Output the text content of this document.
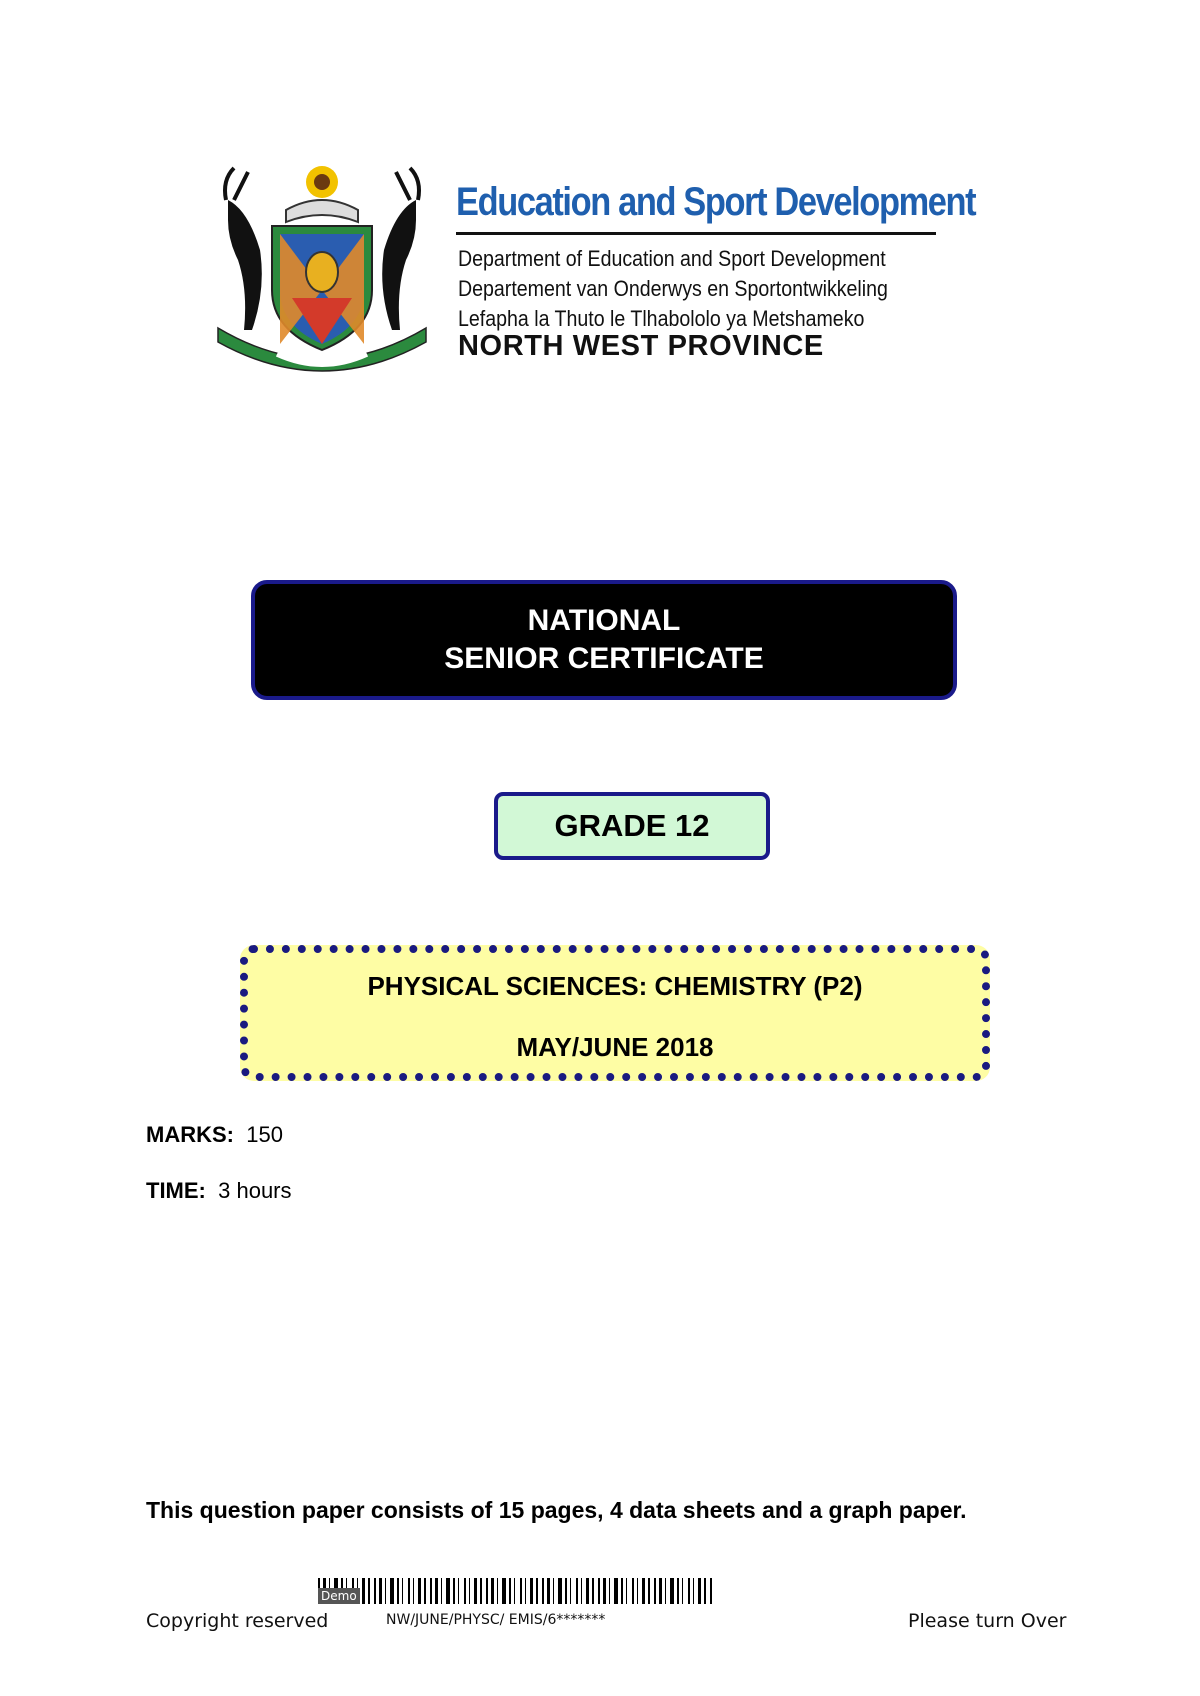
Education and Sport Development
Department of Education and Sport Development
Departement van Onderwys en Sportontwikkeling
Lefapha la Thuto le Tlhabololo ya Metshameko
NORTH WEST PROVINCE
NATIONAL
SENIOR CERTIFICATE
GRADE 12
PHYSICAL SCIENCES: CHEMISTRY (P2)
MAY/JUNE 2018
MARKS: 150
TIME: 3 hours
This question paper consists of 15 pages, 4 data sheets and a graph paper.
Demo
Copyright reserved	NW/JUNE/PHYSC/ EMIS/6*******	Please turn Over
